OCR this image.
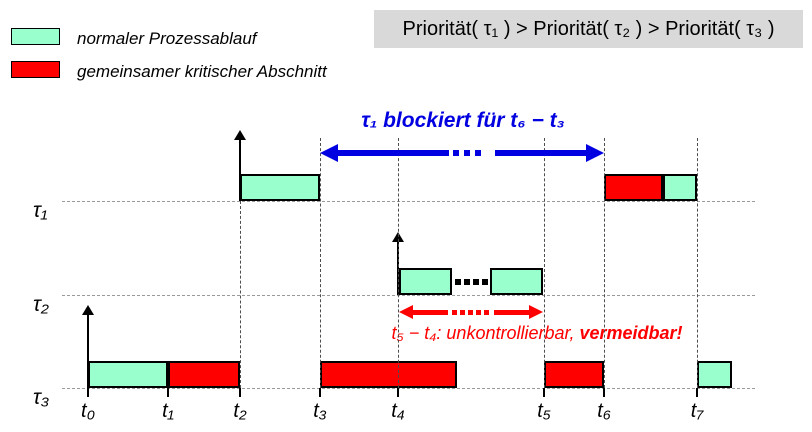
normaler Prozessablauf
gemeinsamer kritischer Abschnitt
Priorität( τ₁ ) > Priorität( τ₂ ) > Priorität( τ₃ )
τ₁ blockiert für t₆ − t₃
t₅ − t₄: unkontrollierbar, vermeidbar!
τ₁
τ₂
τ₃
t₀	t₁	t₂	t₃	t₄	t₅ t₆	t₇
